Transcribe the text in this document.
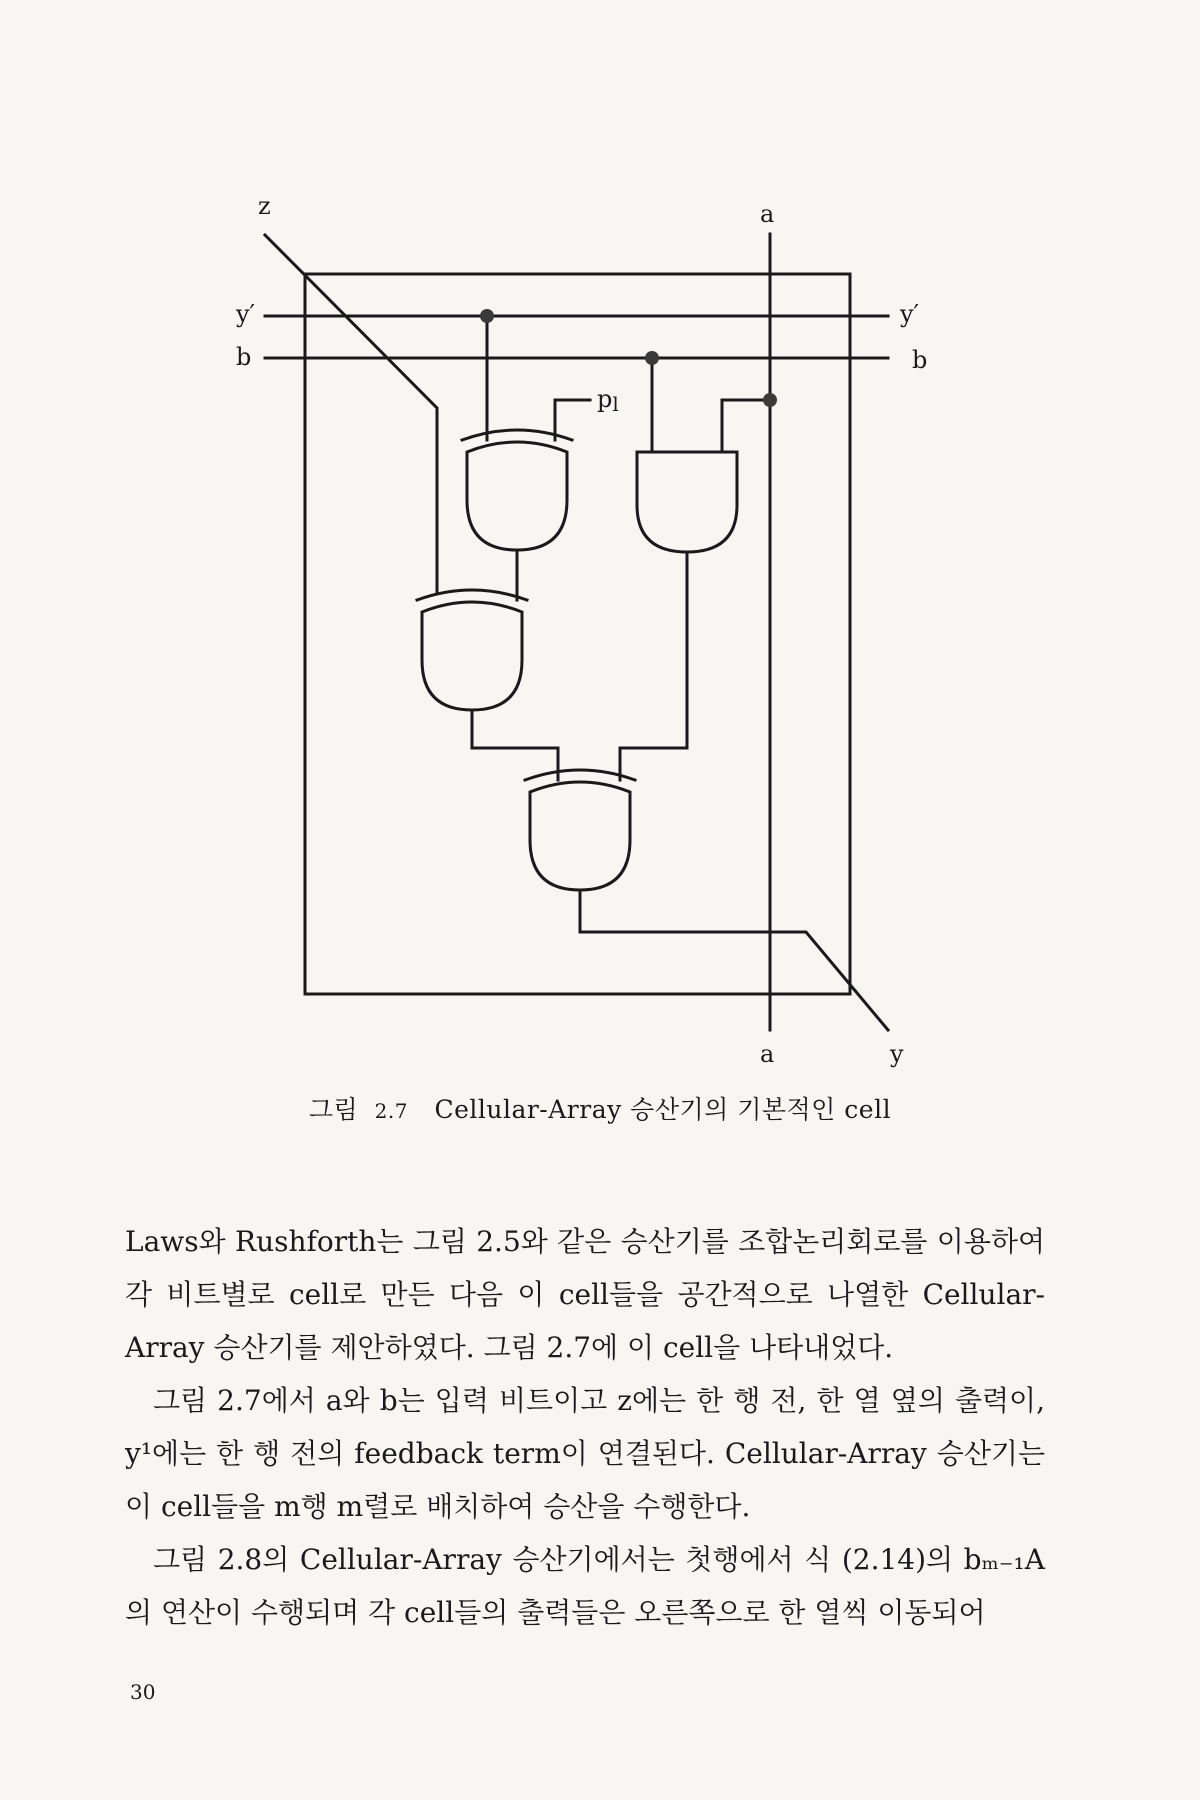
z	a
y′	y′
b	b
pl
a	y
그림 2.7 Cellular-Array 승산기의 기본적인 cell

Laws와 Rushforth는 그림 2.5와 같은 승산기를 조합논리회로를 이용하여 각 비트별로 cell로 만든 다음 이 cell들을 공간적으로 나열한 Cellular-Array 승산기를 제안하였다. 그림 2.7에 이 cell을 나타내었다.

그림 2.7에서 a와 b는 입력 비트이고 z에는 한 행 전, 한 열 옆의 출력이, y¹에는 한 행 전의 feedback term이 연결된다. Cellular-Array 승산기는 이 cell들을 m행 m렬로 배치하여 승산을 수행한다.

그림 2.8의 Cellular-Array 승산기에서는 첫행에서 식 (2.14)의 bₘ₋₁A의 연산이 수행되며 각 cell들의 출력들은 오른쪽으로 한 열씩 이동되어

30
